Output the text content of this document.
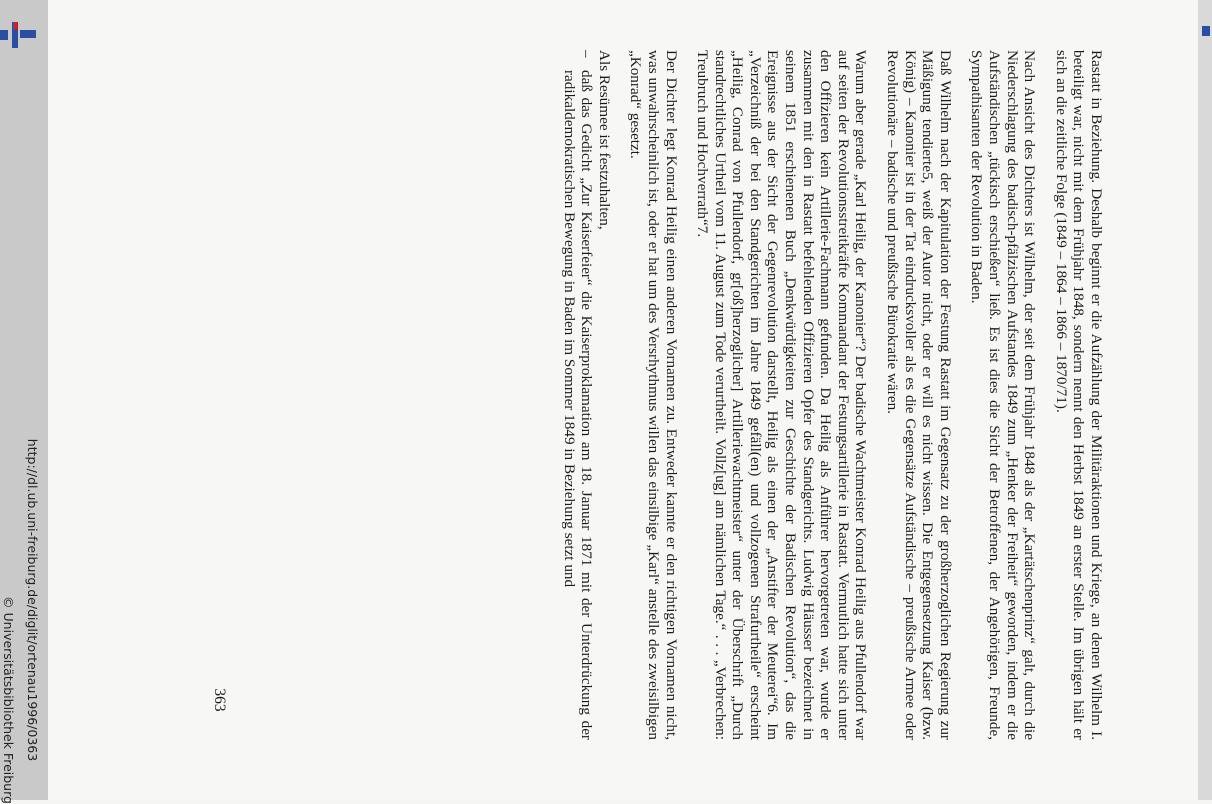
http://dl.ub.uni-freiburg.de/diglit/ortenau1996/0363
© Universitätsbibliothek Freiburg	Rastatt in Beziehung. Deshalb beginnt er die Aufzählung der Militäraktionen und Kriege, an denen Wilhelm I. beteiligt war, nicht mit dem Frühjahr 1848, sondern nennt den Herbst 1849 an erster Stelle. Im übrigen hält er sich an die zeitliche Folge (1849 – 1864 – 1866 – 1870/71).

Nach Ansicht des Dichters ist Wilhelm, der seit dem Frühjahr 1848 als der „Kartätschenprinz“ galt, durch die Niederschlagung des badisch-pfälzischen Aufstandes 1849 zum „Henker der Freiheit“ geworden, indem er die Aufständischen „tückisch erschießen“ ließ. Es ist dies die Sicht der Betroffenen, der Angehörigen, Freunde, Sympathisanten der Revolution in Baden.

Daß Wilhelm nach der Kapitulation der Festung Rastatt im Gegensatz zu der großherzoglichen Regierung zur Mäßigung tendierte5, weiß der Autor nicht, oder er will es nicht wissen. Die Entgegensetzung Kaiser (bzw. König) – Kanonier ist in der Tat eindrucksvoller als es die Gegensätze Aufständische – preußische Armee oder Revolutionäre – badische und preußische Bürokratie wären.

Warum aber gerade „Karl Heilig, der Kanonier“? Der badische Wachtmeister Konrad Heilig aus Pfullendorf war auf seiten der Revolutionsstreitkräfte Kommandant der Festungsartillerie in Rastatt. Vermutlich hatte sich unter den Offizieren kein Artillerie-Fachmann gefunden. Da Heilig als Anführer hervorgetreten war, wurde er zusammen mit den in Rastatt befehlenden Offizieren Opfer des Standgerichts. Ludwig Häusser bezeichnet in seinem 1851 erschienenen Buch „Denkwürdigkeiten zur Geschichte der Badischen Revolution“, das die Ereignisse aus der Sicht der Gegenrevolution darstellt, Heilig als einen der „Anstifter der Meuterei“6. Im „Verzeichniß der bei den Standgerichten im Jahre 1849 gefäll(en) und vollzogenen Strafurtheile“ erscheint „Heilig, Conrad von Pfullendorf, gr[oß]herzoglicher] Artilleriewachtmeister“ unter der Überschrift „Durch standrechtliches Urtheil vom 11. August zum Tode verurtheilt. Vollz[ug] am nämlichen Tage.“ . . . „Verbrechen: Treubruch und Hochverrath“7.

Der Dichter legt Konrad Heilig einen anderen Vornamen zu. Entweder kannte er den richtigen Vornamen nicht, was unwahrscheinlich ist, oder er hat um des Versrhythmus willen das einsilbige „Karl“ anstelle des zweisilbigen „Konrad“ gesetzt.

Als Resümee ist festzuhalten,

–
daß das Gedicht „Zur Kaiserfeier“ die Kaiserproklamation am 18. Januar 1871 mit der Unterdrückung der radikaldemokratischen Bewegung in Baden im Sommer 1849 in Beziehung setzt und
363
